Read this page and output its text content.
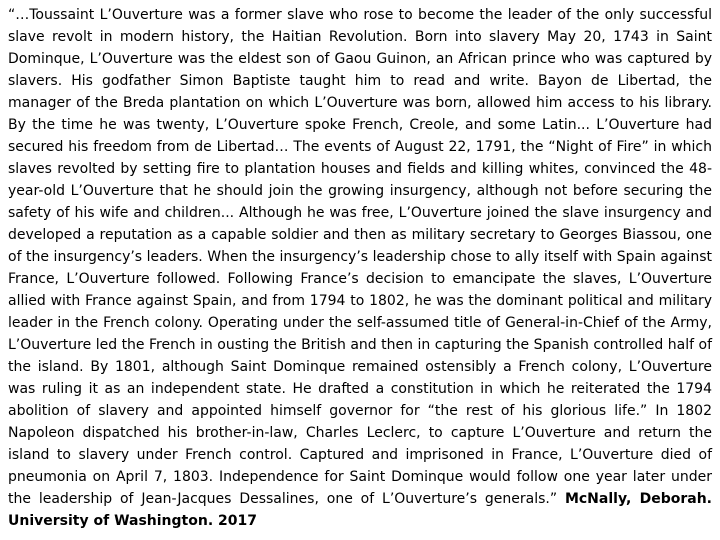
“…Toussaint L’Ouverture was a former slave who rose to become the leader of the only successful slave revolt in modern history, the Haitian Revolution. Born into slavery May 20, 1743 in Saint Dominque, L’Ouverture was the eldest son of Gaou Guinon, an African prince who was captured by slavers. His godfather Simon Baptiste taught him to read and write. Bayon de Libertad, the manager of the Breda plantation on which L’Ouverture was born, allowed him access to his library. By the time he was twenty, L’Ouverture spoke French, Creole, and some Latin... L’Ouverture had secured his freedom from de Libertad… The events of August 22, 1791, the “Night of Fire” in which slaves revolted by setting fire to plantation houses and fields and killing whites, convinced the 48-year-old L’Ouverture that he should join the growing insurgency, although not before securing the safety of his wife and children... Although he was free, L’Ouverture joined the slave insurgency and developed a reputation as a capable soldier and then as military secretary to Georges Biassou, one of the insurgency’s leaders. When the insurgency’s leadership chose to ally itself with Spain against France, L’Ouverture followed. Following France’s decision to emancipate the slaves, L’Ouverture allied with France against Spain, and from 1794 to 1802, he was the dominant political and military leader in the French colony. Operating under the self-assumed title of General-in-Chief of the Army, L’Ouverture led the French in ousting the British and then in capturing the Spanish controlled half of the island. By 1801, although Saint Dominque remained ostensibly a French colony, L’Ouverture was ruling it as an independent state. He drafted a constitution in which he reiterated the 1794 abolition of slavery and appointed himself governor for “the rest of his glorious life.” In 1802 Napoleon dispatched his brother-in-law, Charles Leclerc, to capture L’Ouverture and return the island to slavery under French control. Captured and imprisoned in France, L’Ouverture died of pneumonia on April 7, 1803. Independence for Saint Dominque would follow one year later under the leadership of Jean-Jacques Dessalines, one of L’Ouverture’s generals.” McNally, Deborah. University of Washington. 2017
